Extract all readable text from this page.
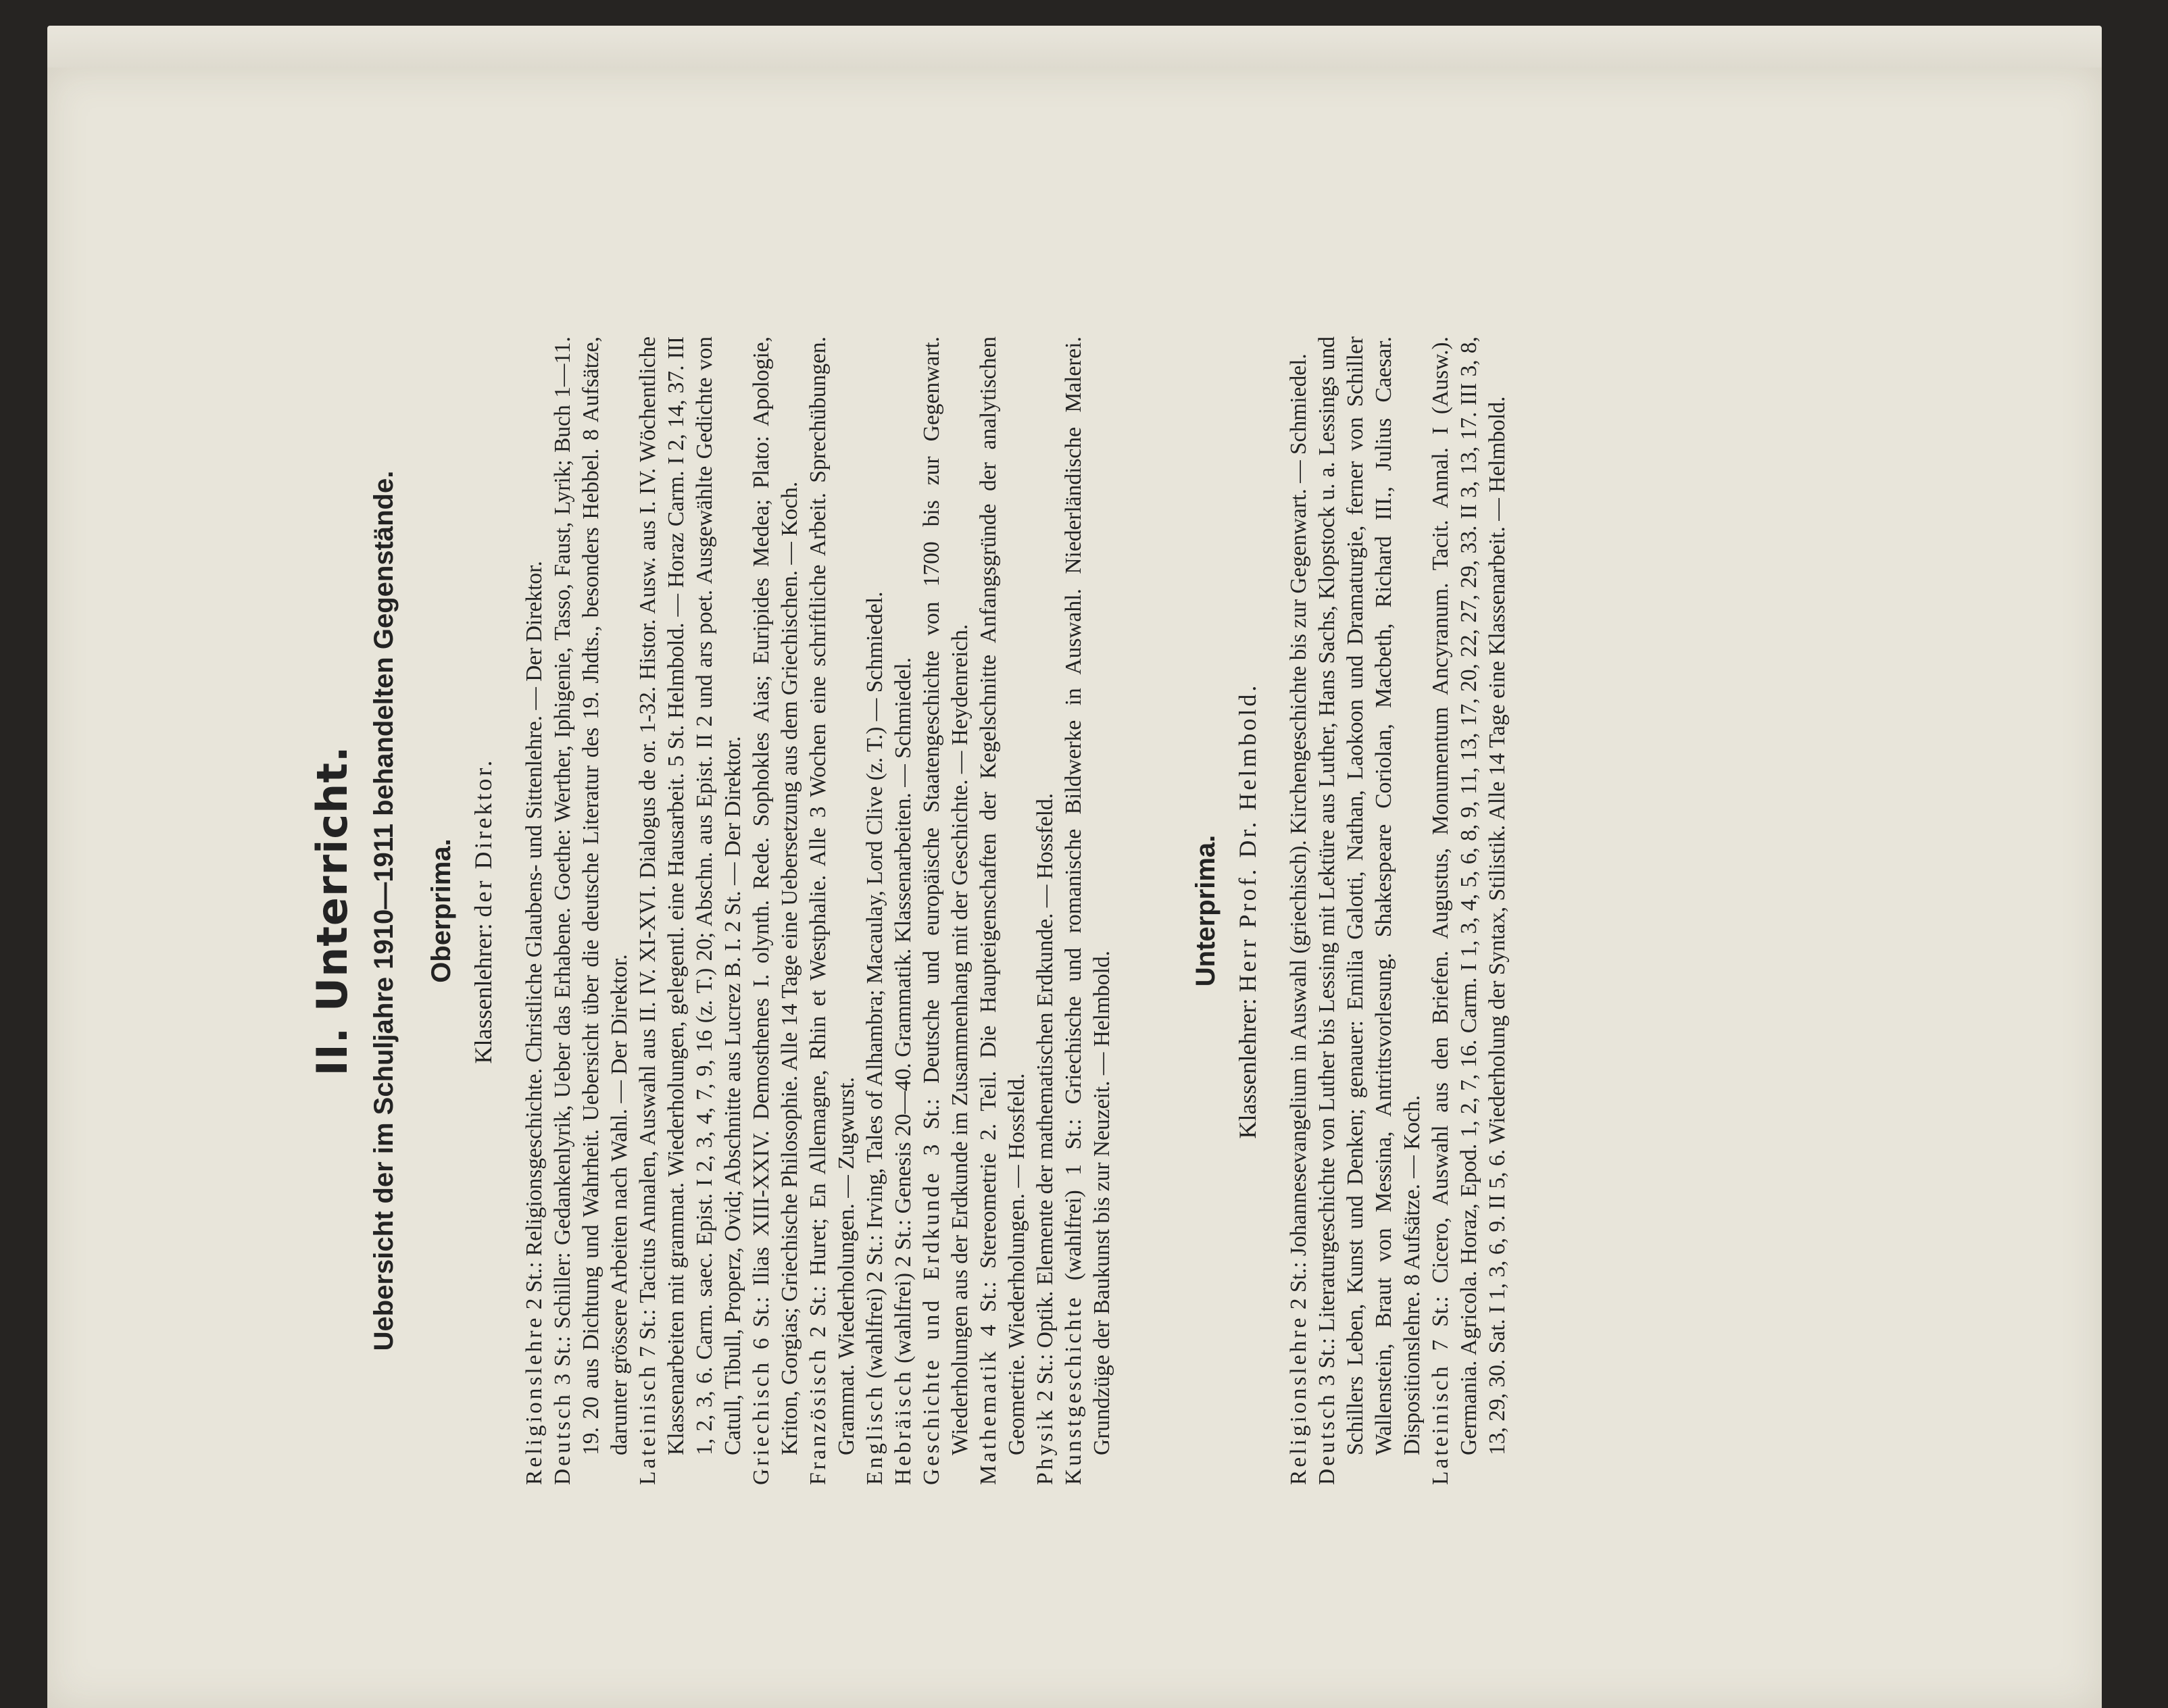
II. Unterricht. Uebersicht der im Schuljahre 1910—1911 behandelten Gegenstände. Oberprima.
Klassenlehrer: der Direktor.

Religionslehre 2 St.: Religionsgeschichte. Christliche Glaubens- und Sittenlehre. — Der Direktor.

Deutsch 3 St.: Schiller: Gedankenlyrik, Ueber das Erhabene. Goethe: Werther, Iphigenie, Tasso, Faust, Lyrik; Buch 1—11. 19. 20 aus Dichtung und Wahrheit. Uebersicht über die deutsche Literatur des 19. Jhdts., besonders Hebbel. 8 Aufsätze, darunter grössere Arbeiten nach Wahl. — Der Direktor. Lateinisch 7 St.: Tacitus Annalen, Auswahl aus II. IV. XI-XVI. Dialogus de or. 1-32. Histor. Ausw. aus I. IV. Wöchentliche Klassenarbeiten mit grammat. Wiederholungen, gelegentl. eine Hausarbeit. 5 St. Helmbold. — Horaz Carm. I 2, 14, 37. III 1, 2, 3, 6. Carm. saec. Epist. I 2, 3, 4, 7, 9, 16 (z. T.) 20; Abschn. aus Epist. II 2 und ars poet. Ausgewählte Gedichte von Catull, Tibull, Properz, Ovid; Abschnitte aus Lucrez B. I. 2 St. — Der Direktor. Griechisch 6 St.: Ilias XIII-XXIV. Demosthenes I. olynth. Rede. Sophokles Aias; Euripides Medea; Plato: Apologie, Kriton, Gorgias; Griechische Philosophie. Alle 14 Tage eine Uebersetzung aus dem Griechischen. — Koch. Französisch 2 St.: Huret; En Allemagne, Rhin et Westphalie. Alle 3 Wochen eine schriftliche Arbeit. Sprechübungen. Grammat. Wiederholungen. — Zugwurst. Englisch (wahlfrei) 2 St.: Irving, Tales of Alhambra; Macaulay, Lord Clive (z. T.) — Schmiedel.

Hebräisch (wahlfrei) 2 St.: Genesis 20—40. Grammatik. Klassenarbeiten. — Schmiedel. Geschichte und Erdkunde 3 St.: Deutsche und europäische Staatengeschichte von 1700 bis zur Gegenwart. Wiederholungen aus der Erdkunde im Zusammenhang mit der Geschichte. — Heydenreich. Mathematik 4 St.: Stereometrie 2. Teil. Die Haupteigenschaften der Kegelschnitte Anfangsgründe der analytischen Geometrie. Wiederholungen. — Hossfeld. Physik 2 St.: Optik. Elemente der mathematischen Erdkunde. — Hossfeld. Kunstgeschichte (wahlfrei) 1 St.: Griechische und romanische Bildwerke in Auswahl. Niederländische Malerei. Grundzüge der Baukunst bis zur Neuzeit. — Helmbold.

Unterprima.
Klassenlehrer: Herr Prof. Dr. Helmbold.

Religionslehre 2 St.: Johannesevangelium in Auswahl (griechisch). Kirchengeschichte bis zur Gegenwart. — Schmiedel.

Deutsch 3 St.: Literaturgeschichte von Luther bis Lessing mit Lektüre aus Luther, Hans Sachs, Klopstock u. a. Lessings und Schillers Leben, Kunst und Denken; genauer: Emilia Galotti, Nathan, Laokoon und Dramaturgie, ferner von Schiller Wallenstein, Braut von Messina, Antrittsvorlesung. Shakespeare Coriolan, Macbeth, Richard III., Julius Caesar. Dispositionslehre. 8 Aufsätze. — Koch. Lateinisch 7 St.: Cicero, Auswahl aus den Briefen. Augustus, Monumentum Ancyranum. Tacit. Annal. I (Ausw.). Germania. Agricola. Horaz, Epod. 1, 2, 7, 16. Carm. I 1, 3, 4, 5, 6, 8, 9, 11, 13, 17, 20, 22, 27, 29, 33. II 3, 13, 17. III 3, 8, 13, 29, 30. Sat. I 1, 3, 6, 9. II 5, 6. Wiederholung der Syntax, Stilistik. Alle 14 Tage eine Klassenarbeit. — Helmbold.
